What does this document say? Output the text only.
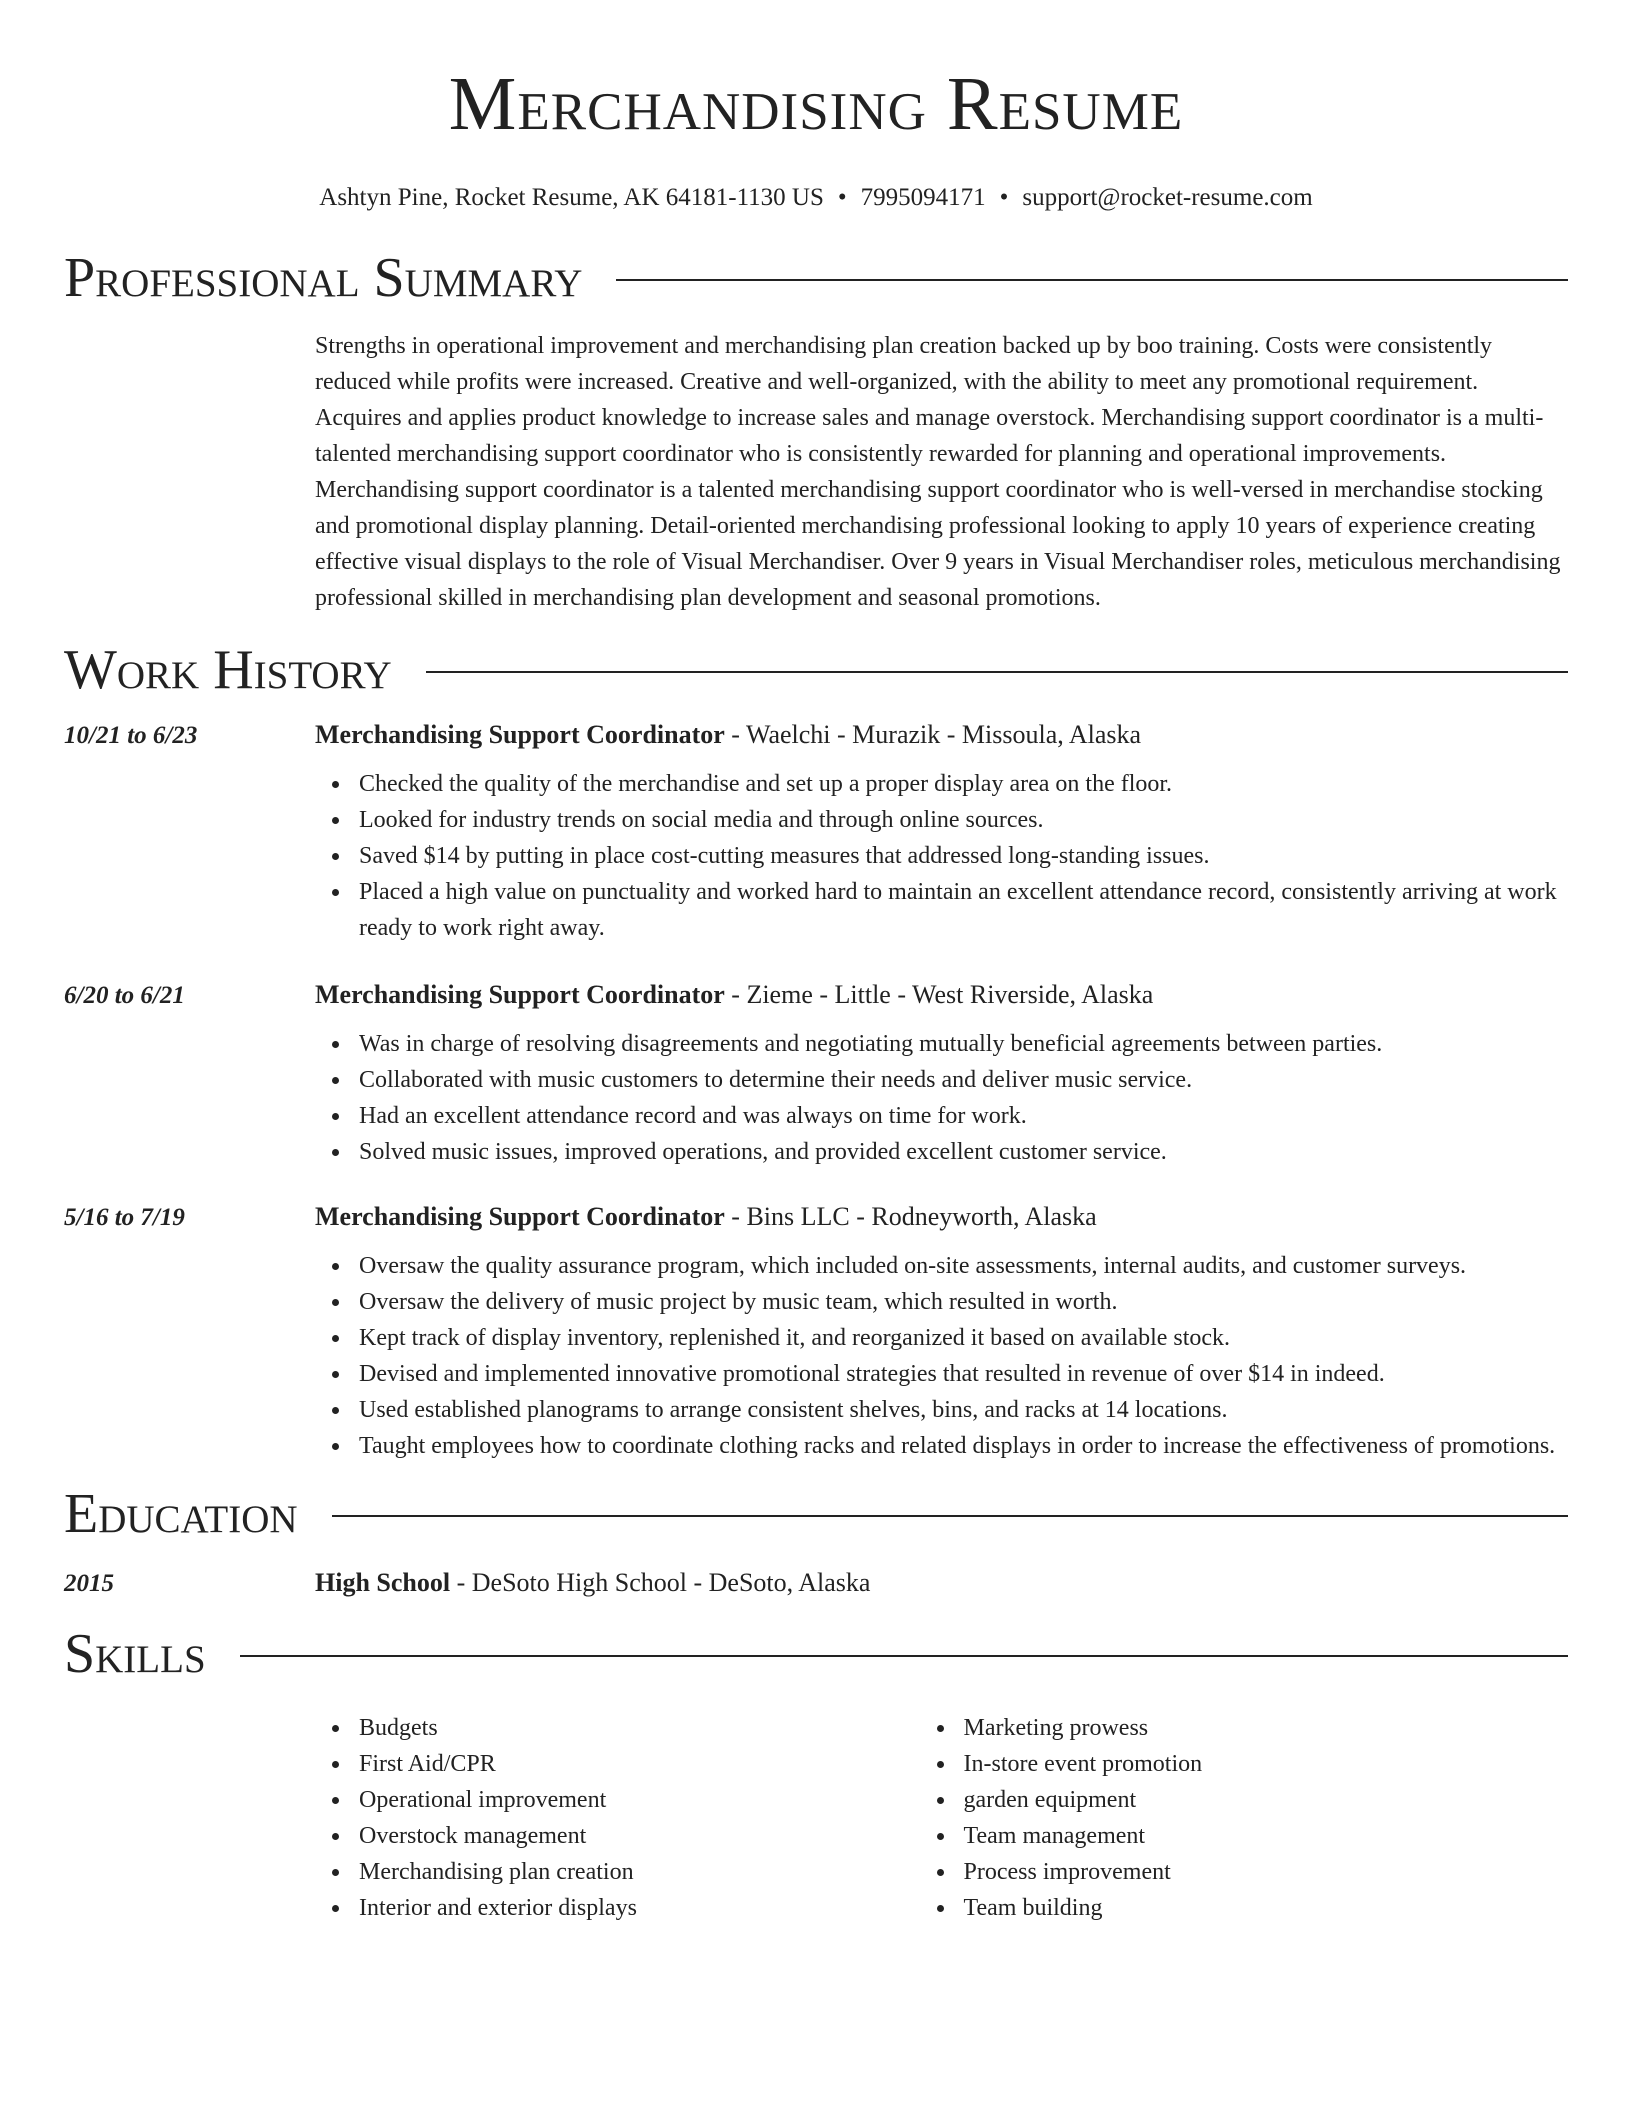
Merchandising Resume
Ashtyn Pine, Rocket Resume, AK 64181-1130 US • 7995094171 • support@rocket-resume.com
Professional Summary
Strengths in operational improvement and merchandising plan creation backed up by boo training. Costs were consistently reduced while profits were increased. Creative and well-organized, with the ability to meet any promotional requirement. Acquires and applies product knowledge to increase sales and manage overstock. Merchandising support coordinator is a multi-talented merchandising support coordinator who is consistently rewarded for planning and operational improvements. Merchandising support coordinator is a talented merchandising support coordinator who is well-versed in merchandise stocking and promotional display planning. Detail-oriented merchandising professional looking to apply 10 years of experience creating effective visual displays to the role of Visual Merchandiser. Over 9 years in Visual Merchandiser roles, meticulous merchandising professional skilled in merchandising plan development and seasonal promotions.
Work History
10/21 to 6/23	Merchandising Support Coordinator - Waelchi - Murazik - Missoula, Alaska
Checked the quality of the merchandise and set up a proper display area on the floor.
Looked for industry trends on social media and through online sources.
Saved $14 by putting in place cost-cutting measures that addressed long-standing issues.
Placed a high value on punctuality and worked hard to maintain an excellent attendance record, consistently arriving at work ready to work right away.
6/20 to 6/21	Merchandising Support Coordinator - Zieme - Little - West Riverside, Alaska
Was in charge of resolving disagreements and negotiating mutually beneficial agreements between parties.
Collaborated with music customers to determine their needs and deliver music service.
Had an excellent attendance record and was always on time for work.
Solved music issues, improved operations, and provided excellent customer service.
5/16 to 7/19	Merchandising Support Coordinator - Bins LLC - Rodneyworth, Alaska
Oversaw the quality assurance program, which included on-site assessments, internal audits, and customer surveys.
Oversaw the delivery of music project by music team, which resulted in worth.
Kept track of display inventory, replenished it, and reorganized it based on available stock.
Devised and implemented innovative promotional strategies that resulted in revenue of over $14 in indeed.
Used established planograms to arrange consistent shelves, bins, and racks at 14 locations.
Taught employees how to coordinate clothing racks and related displays in order to increase the effectiveness of promotions.
Education
2015	High School - DeSoto High School - DeSoto, Alaska
Skills
Budgets
First Aid/CPR
Operational improvement
Overstock management
Merchandising plan creation
Interior and exterior displays
Marketing prowess
In-store event promotion
garden equipment
Team management
Process improvement
Team building
